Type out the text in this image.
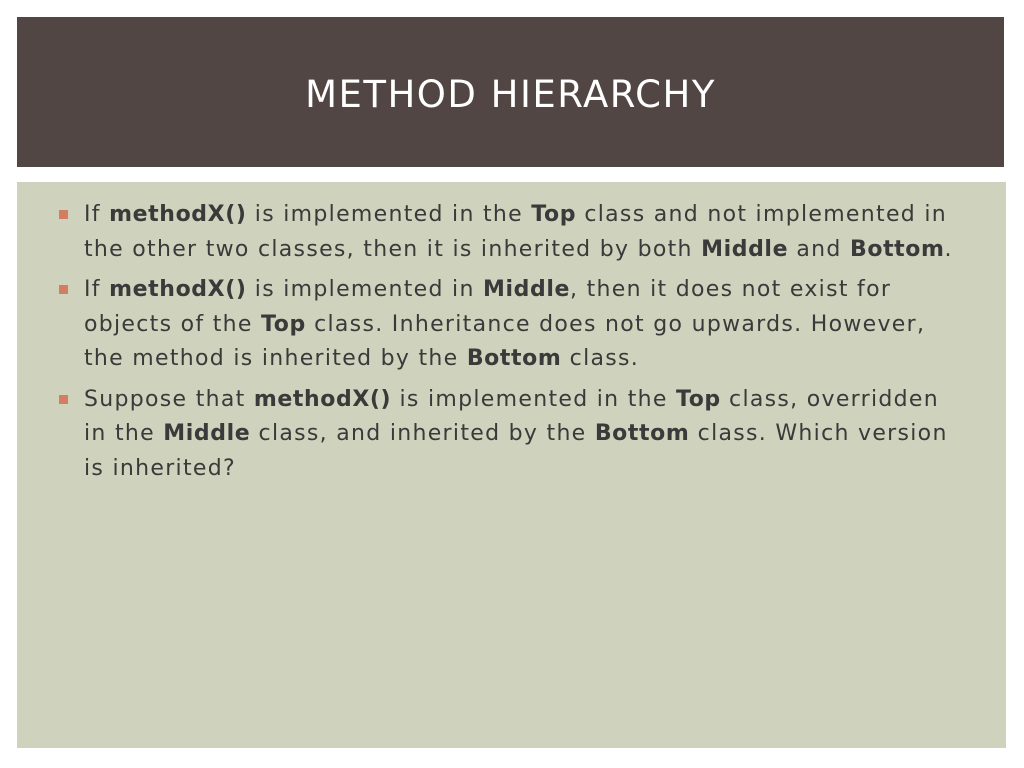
METHOD HIERARCHY
If methodX() is implemented in the Top class and not implemented in the other two classes, then it is inherited by both Middle and Bottom.
If methodX() is implemented in Middle, then it does not exist for objects of the Top class. Inheritance does not go upwards. However, the method is inherited by the Bottom class.
Suppose that methodX() is implemented in the Top class, overridden in the Middle class, and inherited by the Bottom class. Which version is inherited?
